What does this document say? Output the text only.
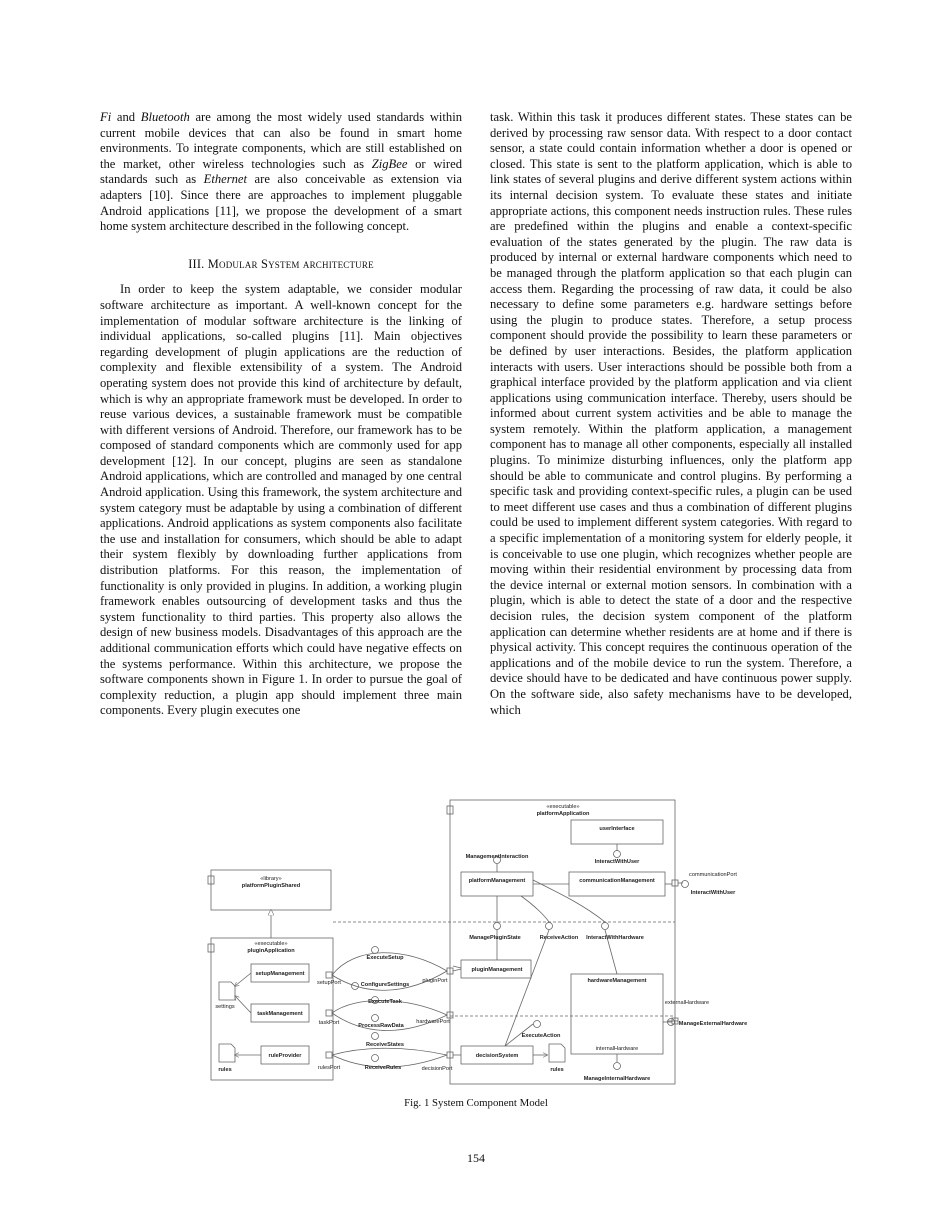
Fi and Bluetooth are among the most widely used standards within current mobile devices that can also be found in smart home environments. To integrate components, which are still established on the market, other wireless technologies such as ZigBee or wired standards such as Ethernet are also conceivable as extension via adapters [10]. Since there are approaches to implement pluggable Android applications [11], we propose the development of a smart home system architecture described in the following concept.

III. Modular System architecture

In order to keep the system adaptable, we consider modular software architecture as important. A well-known concept for the implementation of modular software architecture is the linking of individual applications, so-called plugins [11]. Main objectives regarding development of plugin applications are the reduction of complexity and flexible extensibility of a system. The Android operating system does not provide this kind of architecture by default, which is why an appropriate framework must be developed. In order to reuse various devices, a sustainable framework must be compatible with different versions of Android. Therefore, our framework has to be composed of standard components which are commonly used for app development [12]. In our concept, plugins are seen as standalone Android applications, which are controlled and managed by one central Android application. Using this framework, the system architecture and system category must be adaptable by using a combination of different applications. Android applications as system components also facilitate the use and installation for consumers, which should be able to adapt their system flexibly by downloading further applications from distribution platforms. For this reason, the implementation of functionality is only provided in plugins. In addition, a working plugin framework enables outsourcing of development tasks and thus the system functionality to third parties. This property also allows the design of new business models. Disadvantages of this approach are the additional communication efforts which could have negative effects on the systems performance. Within this architecture, we propose the software components shown in Figure 1. In order to pursue the goal of complexity reduction, a plugin app should implement three main components. Every plugin executes one

task. Within this task it produces different states. These states can be derived by processing raw sensor data. With respect to a door contact sensor, a state could contain information whether a door is opened or closed. This state is sent to the platform application, which is able to link states of several plugins and derive different system actions within its internal decision system. To evaluate these states and initiate appropriate actions, this component needs instruction rules. These rules are predefined within the plugins and enable a context-specific evaluation of the states generated by the plugin. The raw data is produced by internal or external hardware components which need to be managed through the platform application so that each plugin can access them. Regarding the processing of raw data, it could be also necessary to define some parameters e.g. hardware settings before using the plugin to produce states. Therefore, a setup process component should provide the possibility to learn these parameters or be defined by user interactions. Besides, the platform application interacts with users. User interactions should be possible both from a graphical interface provided by the platform application and via client applications using communication interface. Thereby, users should be informed about current system activities and be able to manage the system remotely. Within the platform application, a management component has to manage all other components, especially all installed plugins. To minimize disturbing influences, only the platform app should be able to communicate and control plugins. By performing a specific task and providing context-specific rules, a plugin can be used to meet different use cases and thus a combination of different plugins could be used to implement different system categories. With regard to a specific implementation of a monitoring system for elderly people, it is conceivable to use one plugin, which recognizes whether people are moving within their residential environment by processing data from the device internal or external motion sensors. In combination with a plugin, which is able to detect the state of a door and the respective decision rules, the decision system component of the platform application can determine whether residents are at home and if there is physical activity. This concept requires the continuous operation of the applications and of the mobile device to run the system. Therefore, a device should have to be dedicated and have continuous power supply. On the software side, also safety mechanisms have to be developed, which

«executable»
platformApplication
«library»
platformPluginShared
«executable»
pluginApplication
userInterface
InteractWithUser
ManagementInteraction
platformManagement	communicationManagement
communicationPort
InteractWithUser
ManagePluginState	ReceiveAction InteractWithHardware
pluginManagement
hardwareManagement
externalHardware
ManageExternalHardware
internalHardware
ManageInternalHardware
ExecuteAction
decisionSystem
rules
decisionPort
pluginPort
hardwarePort
setupManagement
setupPort
taskManagement
taskPort
ruleProvider
rulesPort
settings
rules
ExecuteSetup
ConfigureSettings
ExecuteTask
ProcessRawData
ReceiveStates
ReceiveRules
Fig. 1 System Component Model
154
